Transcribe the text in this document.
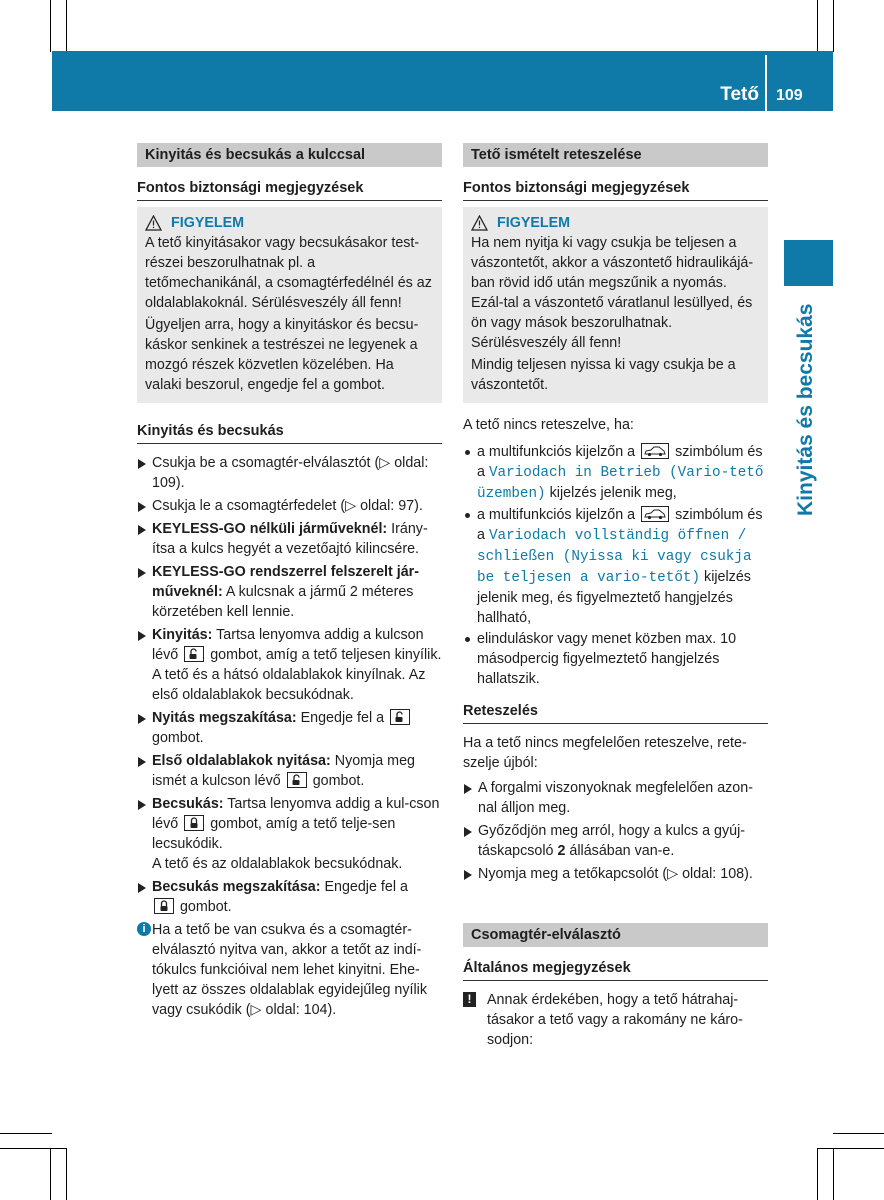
Tető 109
Kinyitás és becsukás
Kinyitás és becsukás a kulccsal
Fontos biztonsági megjegyzések
FIGYELEM

A tető kinyitásakor vagy becsukásakor test-részei beszorulhatnak pl. a tetőmechanikánál, a csomagtérfedélnél és az oldalablakoknál. Sérülésveszély áll fenn!

Ügyeljen arra, hogy a kinyitáskor és becsu-káskor senkinek a testrészei ne legyenek a mozgó részek közvetlen közelében. Ha valaki beszorul, engedje fel a gombot.

Kinyitás és becsukás
Csukja be a csomagtér-elválasztót (▷ oldal: 109).
Csukja le a csomagtérfedelet (▷ oldal: 97).
KEYLESS-GO nélküli járműveknél: Irány-ítsa a kulcs hegyét a vezetőajtó kilincsére.
KEYLESS-GO rendszerrel felszerelt jár-műveknél: A kulcsnak a jármű 2 méteres körzetében kell lennie.
Kinyitás: Tartsa lenyomva addig a kulcson lévő
gombot, amíg a tető teljesen kinyílik.
A tető és a hátsó oldalablakok kinyílnak. Az első oldalablakok becsukódnak.
Nyitás megszakítása: Engedje fel a
gombot.
Első oldalablakok nyitása: Nyomja meg ismét a kulcson lévő
gombot.
Becsukás: Tartsa lenyomva addig a kul-cson lévő
gombot, amíg a tető telje-sen lecsukódik.
A tető és az oldalablakok becsukódnak.
Becsukás megszakítása: Engedje fel a

gombot.
i Ha a tető be van csukva és a csomagtér-elválasztó nyitva van, akkor a tetőt az indí-tókulcs funkcióival nem lehet kinyitni. Ehe-lyett az összes oldalablak egyidejűleg nyílik vagy csukódik (▷ oldal: 104).
Tető ismételt reteszelése
Fontos biztonsági megjegyzések
FIGYELEM

Ha nem nyitja ki vagy csukja be teljesen a vászontetőt, akkor a vászontető hidraulikájá-ban rövid idő után megszűnik a nyomás. Ezál-tal a vászontető váratlanul lesüllyed, és ön vagy mások beszorulhatnak. Sérülésveszély áll fenn!

Mindig teljesen nyissa ki vagy csukja be a vászontetőt.

A tető nincs reteszelve, ha:

a multifunkciós kijelzőn a	szimbólum és a Variodach in Betrieb (Vario-tető üzemben) kijelzés jelenik meg,
a multifunkciós kijelzőn a	szimbólum és a Variodach vollständig öffnen / schließen (Nyissa ki vagy csukja be teljesen a vario-tetőt) kijelzés jelenik meg, és figyelmeztető hangjelzés hallható,
elinduláskor vagy menet közben max. 10 másodpercig figyelmeztető hangjelzés hallatszik.
Reteszelés

Ha a tető nincs megfelelően reteszelve, rete-szelje újból:

A forgalmi viszonyoknak megfelelően azon-nal álljon meg.
Győződjön meg arról, hogy a kulcs a gyúj-táskapcsoló 2 állásában van-e.
Nyomja meg a tetőkapcsolót (▷ oldal: 108).
Csomagtér-elválasztó
Általános megjegyzések
!	Annak érdekében, hogy a tető hátrahaj-tásakor a tető vagy a rakomány ne káro-sodjon:
